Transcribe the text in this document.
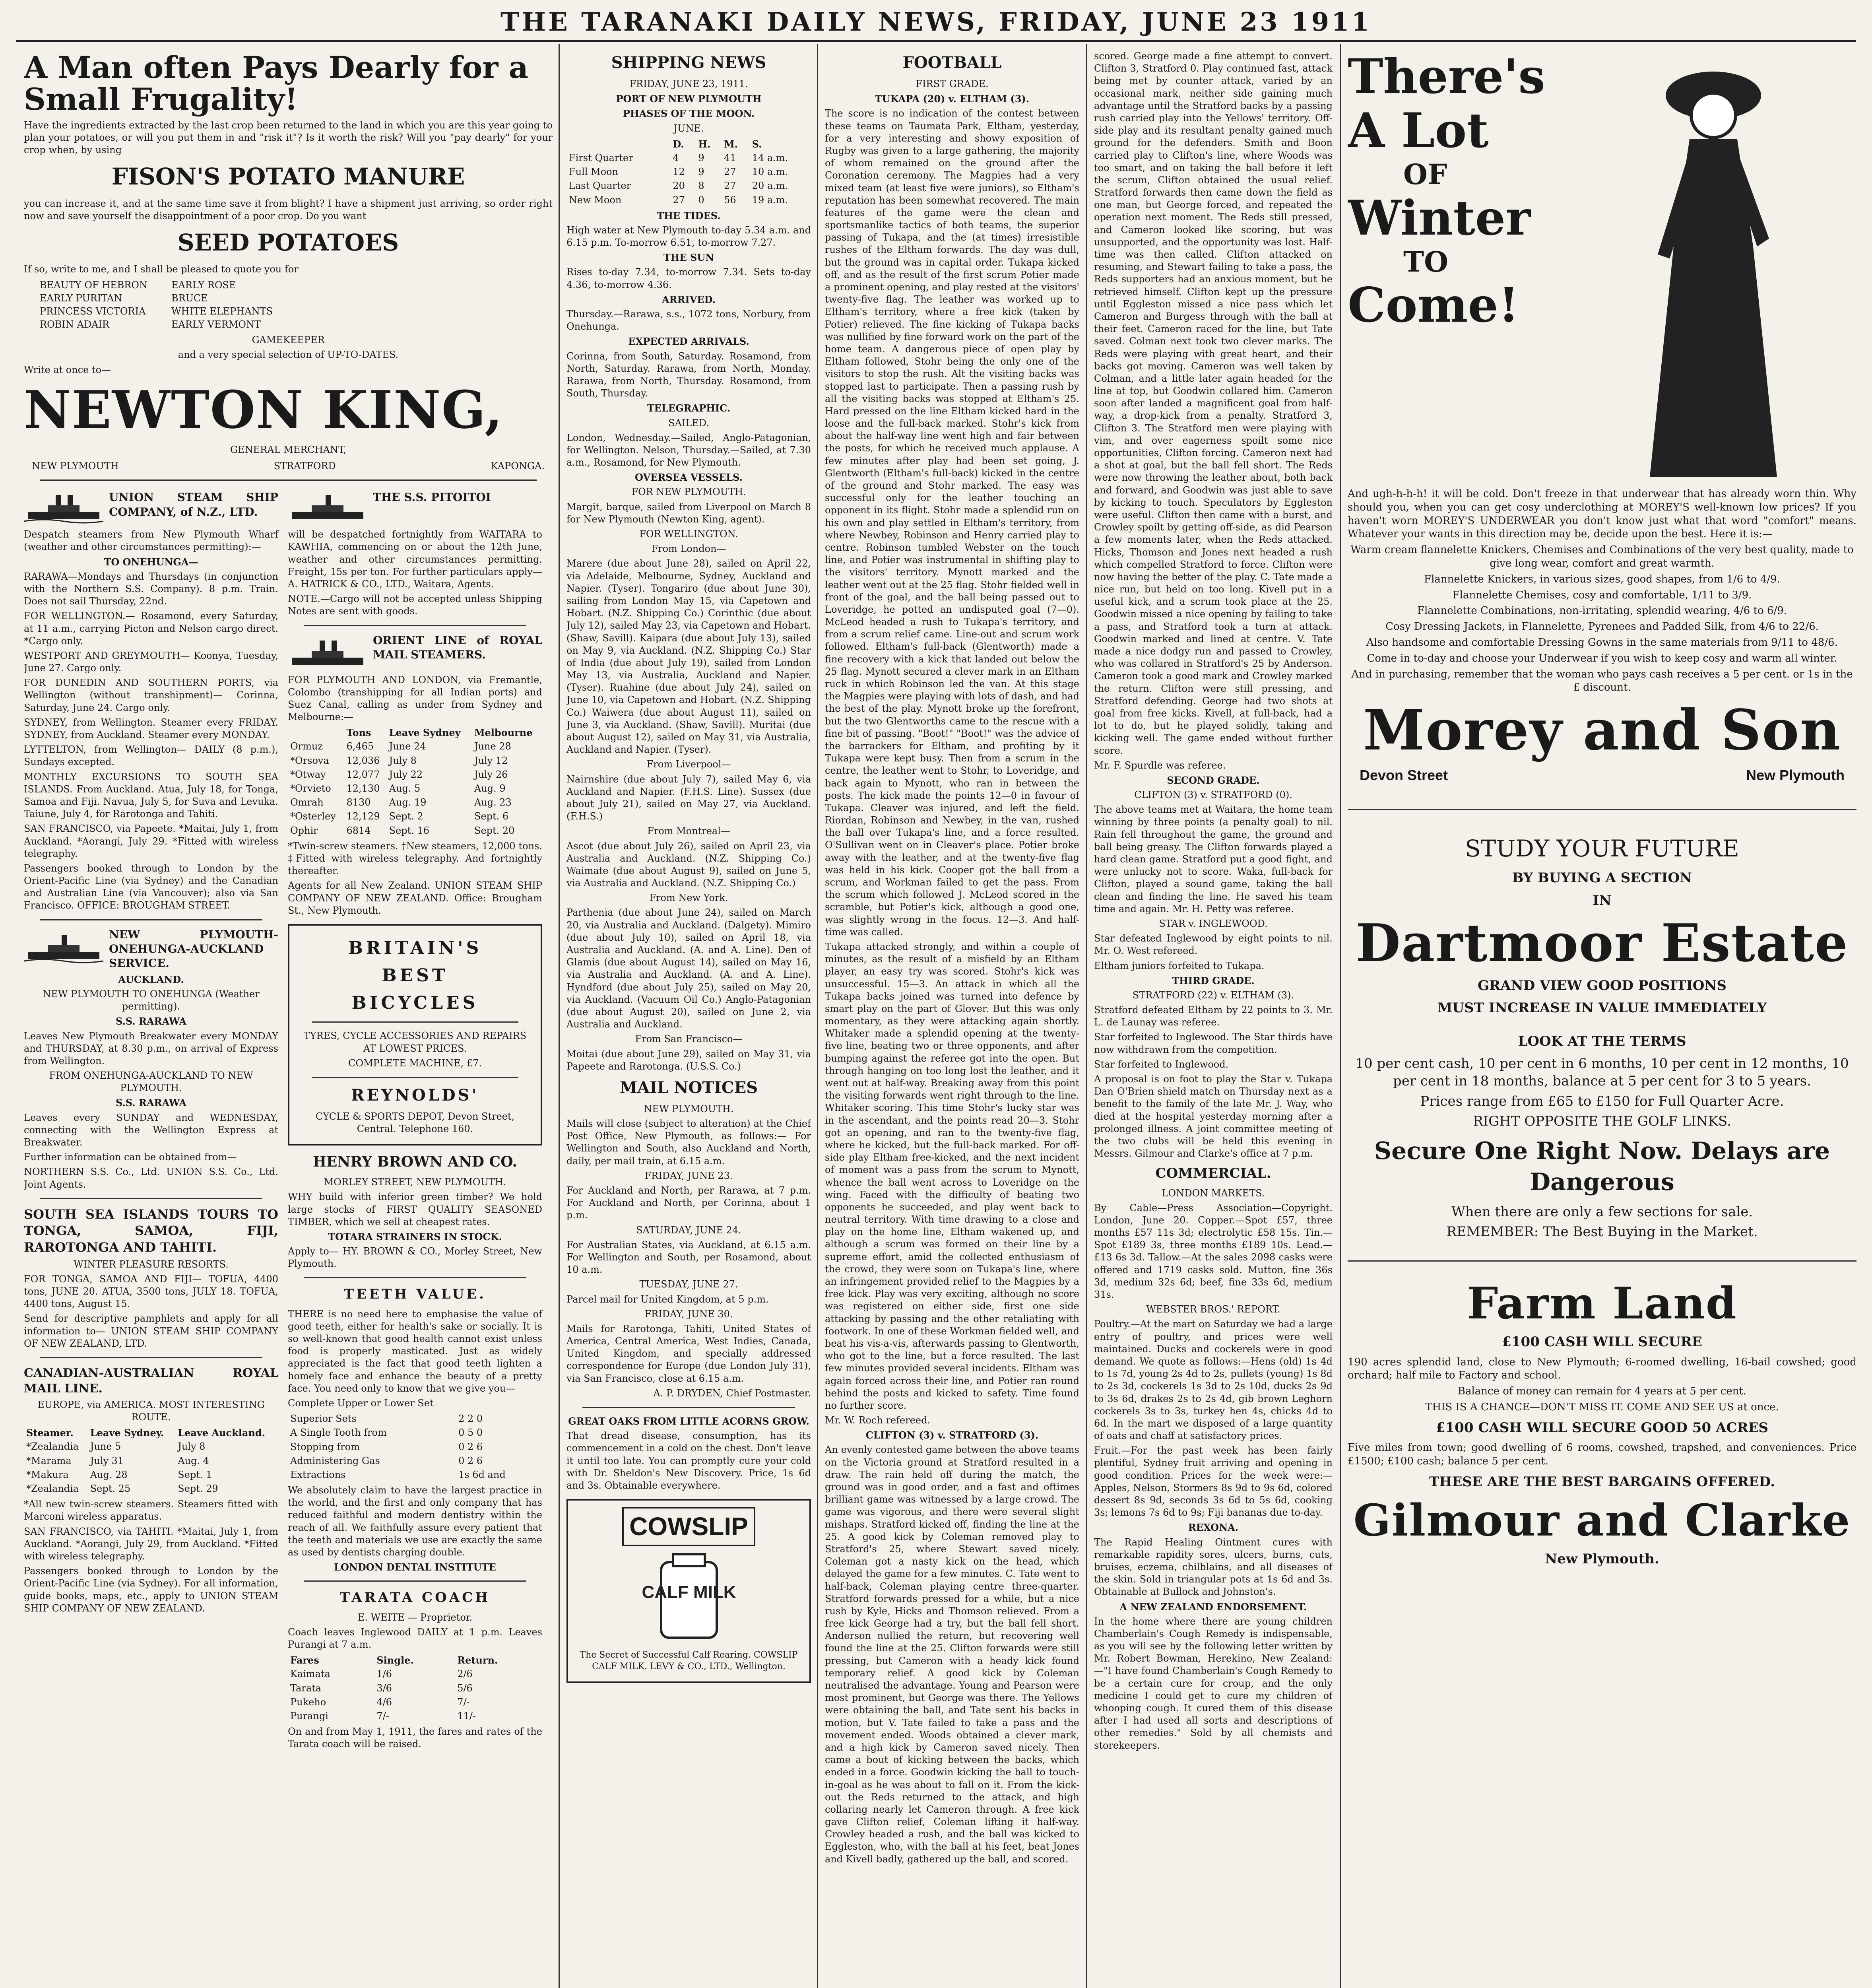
THE TARANAKI DAILY NEWS, FRIDAY, JUNE 23 1911
A Man often Pays Dearly for a Small Frugality!

Have the ingredients extracted by the last crop been returned to the land in which you are this year going to plan your potatoes, or will you put them in and "risk it"? Is it worth the risk? Will you "pay dearly" for your crop when, by using

FISON'S POTATO MANURE

you can increase it, and at the same time save it from blight? I have a shipment just arriving, so order right now and save yourself the disappointment of a poor crop. Do you want

SEED POTATOES

If so, write to me, and I shall be pleased to quote you for

BEAUTY OF HEBRON

EARLY PURITAN

PRINCESS VICTORIA

ROBIN ADAIR

EARLY ROSE

BRUCE

WHITE ELEPHANTS

EARLY VERMONT

GAMEKEEPER

and a very special selection of UP-TO-DATES.

Write at once to—

NEWTON KING,

GENERAL MERCHANT,

NEW PLYMOUTH	STRATFORD	KAPONGA.

UNION STEAM SHIP COMPANY, of N.Z., LTD.

Despatch steamers from New Plymouth Wharf (weather and other circumstances permitting):—

TO ONEHUNGA—

RARAWA—Mondays and Thursdays (in conjunction with the Northern S.S. Company). 8 p.m. Train. Does not sail Thursday, 22nd.

FOR WELLINGTON.— Rosamond, every Saturday, at 11 a.m., carrying Picton and Nelson cargo direct. *Cargo only.

WESTPORT AND GREYMOUTH— Koonya, Tuesday, June 27. Cargo only.

FOR DUNEDIN AND SOUTHERN PORTS, via Wellington (without transhipment)— Corinna, Saturday, June 24. Cargo only.

SYDNEY, from Wellington. Steamer every FRIDAY. SYDNEY, from Auckland. Steamer every MONDAY.

LYTTELTON, from Wellington— DAILY (8 p.m.), Sundays excepted.

MONTHLY EXCURSIONS TO SOUTH SEA ISLANDS. From Auckland. Atua, July 18, for Tonga, Samoa and Fiji. Navua, July 5, for Suva and Levuka. Taiune, July 4, for Rarotonga and Tahiti.

SAN FRANCISCO, via Papeete. *Maitai, July 1, from Auckland. *Aorangi, July 29. *Fitted with wireless telegraphy.

Passengers booked through to London by the Orient-Pacific Line (via Sydney) and the Canadian and Australian Line (via Vancouver); also via San Francisco. OFFICE: BROUGHAM STREET.

NEW PLYMOUTH-ONEHUNGA-AUCKLAND SERVICE.

AUCKLAND.

NEW PLYMOUTH TO ONEHUNGA (Weather permitting).

S.S. RARAWA

Leaves New Plymouth Breakwater every MONDAY and THURSDAY, at 8.30 p.m., on arrival of Express from Wellington.

FROM ONEHUNGA-AUCKLAND TO NEW PLYMOUTH.

S.S. RARAWA

Leaves every SUNDAY and WEDNESDAY, connecting with the Wellington Express at Breakwater.

Further information can be obtained from—

NORTHERN S.S. Co., Ltd. UNION S.S. Co., Ltd. Joint Agents.

SOUTH SEA ISLANDS TOURS TO TONGA, SAMOA, FIJI, RAROTONGA AND TAHITI.

WINTER PLEASURE RESORTS.

FOR TONGA, SAMOA AND FIJI— TOFUA, 4400 tons, JUNE 20. ATUA, 3500 tons, JULY 18. TOFUA, 4400 tons, August 15.

Send for descriptive pamphlets and apply for all information to— UNION STEAM SHIP COMPANY OF NEW ZEALAND, LTD.

CANADIAN-AUSTRALIAN ROYAL MAIL LINE.

EUROPE, via AMERICA. MOST INTERESTING ROUTE.

Steamer.	Leave Sydney.	Leave Auckland.
*Zealandia	June 5	July 8
*Marama	July 31	Aug. 4
*Makura	Aug. 28	Sept. 1
*Zealandia	Sept. 25	Sept. 29

*All new twin-screw steamers. Steamers fitted with Marconi wireless apparatus.

SAN FRANCISCO, via TAHITI. *Maitai, July 1, from Auckland. *Aorangi, July 29, from Auckland. *Fitted with wireless telegraphy.

Passengers booked through to London by the Orient-Pacific Line (via Sydney). For all information, guide books, maps, etc., apply to UNION STEAM SHIP COMPANY OF NEW ZEALAND.

THE S.S. PITOITOI

will be despatched fortnightly from WAITARA to KAWHIA, commencing on or about the 12th June, weather and other circumstances permitting. Freight, 15s per ton. For further particulars apply— A. HATRICK & CO., LTD., Waitara, Agents.

NOTE.—Cargo will not be accepted unless Shipping Notes are sent with goods.

ORIENT LINE of ROYAL MAIL STEAMERS.

FOR PLYMOUTH AND LONDON, via Fremantle, Colombo (transhipping for all Indian ports) and Suez Canal, calling as under from Sydney and Melbourne:—

	Tons	Leave Sydney	Melbourne
Ormuz	6,465	June 24	June 28
*Orsova	12,036	July 8	July 12
*Otway	12,077	July 22	July 26
*Orvieto	12,130	Aug. 5	Aug. 9
Omrah	8130	Aug. 19	Aug. 23
*Osterley	12,129	Sept. 2	Sept. 6
Ophir	6814	Sept. 16	Sept. 20

*Twin-screw steamers. †New steamers, 12,000 tons. ‡Fitted with wireless telegraphy. And fortnightly thereafter.

Agents for all New Zealand. UNION STEAM SHIP COMPANY OF NEW ZEALAND. Office: Brougham St., New Plymouth.

BRITAIN'S
BEST
BICYCLES

TYRES, CYCLE ACCESSORIES AND REPAIRS AT LOWEST PRICES.

COMPLETE MACHINE, £7.

REYNOLDS'

CYCLE & SPORTS DEPOT, Devon Street, Central. Telephone 160.

HENRY BROWN AND CO.

MORLEY STREET, NEW PLYMOUTH.

WHY build with inferior green timber? We hold large stocks of FIRST QUALITY SEASONED TIMBER, which we sell at cheapest rates.

TOTARA STRAINERS IN STOCK.

Apply to— HY. BROWN & CO., Morley Street, New Plymouth.

TEETH VALUE.

THERE is no need here to emphasise the value of good teeth, either for health's sake or socially. It is so well-known that good health cannot exist unless food is properly masticated. Just as widely appreciated is the fact that good teeth lighten a homely face and enhance the beauty of a pretty face. You need only to know that we give you—

Complete Upper or Lower Set

Superior Sets	2 2 0
A Single Tooth from	0 5 0
Stopping from	0 2 6
Administering Gas	0 2 6
Extractions	1s 6d and

We absolutely claim to have the largest practice in the world, and the first and only company that has reduced faithful and modern dentistry within the reach of all. We faithfully assure every patient that the teeth and materials we use are exactly the same as used by dentists charging double.

LONDON DENTAL INSTITUTE

TARATA COACH

E. WEITE — Proprietor.

Coach leaves Inglewood DAILY at 1 p.m. Leaves Purangi at 7 a.m.

Fares	Single.	Return.
Kaimata	1/6	2/6
Tarata	3/6	5/6
Pukeho	4/6	7/-
Purangi	7/-	11/-

On and from May 1, 1911, the fares and rates of the Tarata coach will be raised.

SHIPPING NEWS

FRIDAY, JUNE 23, 1911.

PORT OF NEW PLYMOUTH

PHASES OF THE MOON.

JUNE.

	D.	H.	M.	S.
First Quarter	4	9	41	14 a.m.
Full Moon	12	9	27	10 a.m.
Last Quarter	20	8	27	20 a.m.
New Moon	27	0	56	19 a.m.

THE TIDES.

High water at New Plymouth to-day 5.34 a.m. and 6.15 p.m. To-morrow 6.51, to-morrow 7.27.

THE SUN

Rises to-day 7.34, to-morrow 7.34. Sets to-day 4.36, to-morrow 4.36.

ARRIVED.

Thursday.—Rarawa, s.s., 1072 tons, Norbury, from Onehunga.

EXPECTED ARRIVALS.

Corinna, from South, Saturday. Rosamond, from North, Saturday. Rarawa, from North, Monday. Rarawa, from North, Thursday. Rosamond, from South, Thursday.

TELEGRAPHIC.

SAILED.

London, Wednesday.—Sailed, Anglo-Patagonian, for Wellington. Nelson, Thursday.—Sailed, at 7.30 a.m., Rosamond, for New Plymouth.

OVERSEA VESSELS.

FOR NEW PLYMOUTH.

Margit, barque, sailed from Liverpool on March 8 for New Plymouth (Newton King, agent).

FOR WELLINGTON.

From London—

Marere (due about June 28), sailed on April 22, via Adelaide, Melbourne, Sydney, Auckland and Napier. (Tyser). Tongariro (due about June 30), sailing from London May 15, via Capetown and Hobart. (N.Z. Shipping Co.) Corinthic (due about July 12), sailed May 23, via Capetown and Hobart. (Shaw, Savill). Kaipara (due about July 13), sailed on May 9, via Auckland. (N.Z. Shipping Co.) Star of India (due about July 19), sailed from London May 13, via Australia, Auckland and Napier. (Tyser). Ruahine (due about July 24), sailed on June 10, via Capetown and Hobart. (N.Z. Shipping Co.) Waiwera (due about August 11), sailed on June 3, via Auckland. (Shaw, Savill). Muritai (due about August 12), sailed on May 31, via Australia, Auckland and Napier. (Tyser).

From Liverpool—

Nairnshire (due about July 7), sailed May 6, via Auckland and Napier. (F.H.S. Line). Sussex (due about July 21), sailed on May 27, via Auckland. (F.H.S.)

From Montreal—

Ascot (due about July 26), sailed on April 23, via Australia and Auckland. (N.Z. Shipping Co.) Waimate (due about August 9), sailed on June 5, via Australia and Auckland. (N.Z. Shipping Co.)

From New York.

Parthenia (due about June 24), sailed on March 20, via Australia and Auckland. (Dalgety). Mimiro (due about July 10), sailed on April 18, via Australia and Auckland. (A. and A. Line). Den of Glamis (due about August 14), sailed on May 16, via Australia and Auckland. (A. and A. Line). Hyndford (due about July 25), sailed on May 20, via Auckland. (Vacuum Oil Co.) Anglo-Patagonian (due about August 20), sailed on June 2, via Australia and Auckland.

From San Francisco—

Moitai (due about June 29), sailed on May 31, via Papeete and Rarotonga. (U.S.S. Co.)

MAIL NOTICES

NEW PLYMOUTH.

Mails will close (subject to alteration) at the Chief Post Office, New Plymouth, as follows:— For Wellington and South, also Auckland and North, daily, per mail train, at 6.15 a.m.

FRIDAY, JUNE 23.

For Auckland and North, per Rarawa, at 7 p.m. For Auckland and North, per Corinna, about 1 p.m.

SATURDAY, JUNE 24.

For Australian States, via Auckland, at 6.15 a.m. For Wellington and South, per Rosamond, about 10 a.m.

TUESDAY, JUNE 27.

Parcel mail for United Kingdom, at 5 p.m.

FRIDAY, JUNE 30.

Mails for Rarotonga, Tahiti, United States of America, Central America, West Indies, Canada, United Kingdom, and specially addressed correspondence for Europe (due London July 31), via San Francisco, close at 6.15 a.m.

A. P. DRYDEN, Chief Postmaster.

GREAT OAKS FROM LITTLE ACORNS GROW.

That dread disease, consumption, has its commencement in a cold on the chest. Don't leave it until too late. You can promptly cure your cold with Dr. Sheldon's New Discovery. Price, 1s 6d and 3s. Obtainable everywhere.

COWSLIP
CALF MILK

The Secret of Successful Calf Rearing. COWSLIP CALF MILK. LEVY & CO., LTD., Wellington.

FOOTBALL

FIRST GRADE.

TUKAPA (20) v. ELTHAM (3).

The score is no indication of the contest between these teams on Taumata Park, Eltham, yesterday, for a very interesting and showy exposition of Rugby was given to a large gathering, the majority of whom remained on the ground after the Coronation ceremony. The Magpies had a very mixed team (at least five were juniors), so Eltham's reputation has been somewhat recovered. The main features of the game were the clean and sportsmanlike tactics of both teams, the superior passing of Tukapa, and the (at times) irresistible rushes of the Eltham forwards. The day was dull, but the ground was in capital order. Tukapa kicked off, and as the result of the first scrum Potier made a prominent opening, and play rested at the visitors' twenty-five flag. The leather was worked up to Eltham's territory, where a free kick (taken by Potier) relieved. The fine kicking of Tukapa backs was nullified by fine forward work on the part of the home team. A dangerous piece of open play by Eltham followed, Stohr being the only one of the visitors to stop the rush. Alt the visiting backs was stopped last to participate. Then a passing rush by all the visiting backs was stopped at Eltham's 25. Hard pressed on the line Eltham kicked hard in the loose and the full-back marked. Stohr's kick from about the half-way line went high and fair between the posts, for which he received much applause. A few minutes after play had been set going, J. Glentworth (Eltham's full-back) kicked in the centre of the ground and Stohr marked. The easy was successful only for the leather touching an opponent in its flight. Stohr made a splendid run on his own and play settled in Eltham's territory, from where Newbey, Robinson and Henry carried play to centre. Robinson tumbled Webster on the touch line, and Potier was instrumental in shifting play to the visitors' territory. Mynott marked and the leather went out at the 25 flag. Stohr fielded well in front of the goal, and the ball being passed out to Loveridge, he potted an undisputed goal (7—0). McLeod headed a rush to Tukapa's territory, and from a scrum relief came. Line-out and scrum work followed. Eltham's full-back (Glentworth) made a fine recovery with a kick that landed out below the 25 flag. Mynott secured a clever mark in an Eltham ruck in which Robinson led the van. At this stage the Magpies were playing with lots of dash, and had the best of the play. Mynott broke up the forefront, but the two Glentworths came to the rescue with a fine bit of passing. "Boot!" "Boot!" was the advice of the barrackers for Eltham, and profiting by it Tukapa were kept busy. Then from a scrum in the centre, the leather went to Stohr, to Loveridge, and back again to Mynott, who ran in between the posts. The kick made the points 12—0 in favour of Tukapa. Cleaver was injured, and left the field. Riordan, Robinson and Newbey, in the van, rushed the ball over Tukapa's line, and a force resulted. O'Sullivan went on in Cleaver's place. Potier broke away with the leather, and at the twenty-five flag was held in his kick. Cooper got the ball from a scrum, and Workman failed to get the pass. From the scrum which followed J. McLeod scored in the scramble, but Potier's kick, although a good one, was slightly wrong in the focus. 12—3. And half-time was called.

Tukapa attacked strongly, and within a couple of minutes, as the result of a misfield by an Eltham player, an easy try was scored. Stohr's kick was unsuccessful. 15—3. An attack in which all the Tukapa backs joined was turned into defence by smart play on the part of Glover. But this was only momentary, as they were attacking again shortly. Whitaker made a splendid opening at the twenty-five line, beating two or three opponents, and after bumping against the referee got into the open. But through hanging on too long lost the leather, and it went out at half-way. Breaking away from this point the visiting forwards went right through to the line. Whitaker scoring. This time Stohr's lucky star was in the ascendant, and the points read 20—3. Stohr got an opening, and ran to the twenty-five flag, where he kicked, but the full-back marked. For off-side play Eltham free-kicked, and the next incident of moment was a pass from the scrum to Mynott, whence the ball went across to Loveridge on the wing. Faced with the difficulty of beating two opponents he succeeded, and play went back to neutral territory. With time drawing to a close and play on the home line, Eltham wakened up, and although a scrum was formed on their line by a supreme effort, amid the collected enthusiasm of the crowd, they were soon on Tukapa's line, where an infringement provided relief to the Magpies by a free kick. Play was very exciting, although no score was registered on either side, first one side attacking by passing and the other retaliating with footwork. In one of these Workman fielded well, and beat his vis-a-vis, afterwards passing to Glentworth, who got to the line, but a force resulted. The last few minutes provided several incidents. Eltham was again forced across their line, and Potier ran round behind the posts and kicked to safety. Time found no further score.

Mr. W. Roch refereed.

CLIFTON (3) v. STRATFORD (3).

An evenly contested game between the above teams on the Victoria ground at Stratford resulted in a draw. The rain held off during the match, the ground was in good order, and a fast and oftimes brilliant game was witnessed by a large crowd. The game was vigorous, and there were several slight mishaps. Stratford kicked off, finding the line at the 25. A good kick by Coleman removed play to Stratford's 25, where Stewart saved nicely. Coleman got a nasty kick on the head, which delayed the game for a few minutes. C. Tate went to half-back, Coleman playing centre three-quarter. Stratford forwards pressed for a while, but a nice rush by Kyle, Hicks and Thomson relieved. From a free kick George had a try, but the ball fell short. Anderson nullied the return, but recovering well found the line at the 25. Clifton forwards were still pressing, but Cameron with a heady kick found temporary relief. A good kick by Coleman neutralised the advantage. Young and Pearson were most prominent, but George was there. The Yellows were obtaining the ball, and Tate sent his backs in motion, but V. Tate failed to take a pass and the movement ended. Woods obtained a clever mark, and a high kick by Cameron saved nicely. Then came a bout of kicking between the backs, which ended in a force. Goodwin kicking the ball to touch-in-goal as he was about to fall on it. From the kick-out the Reds returned to the attack, and high collaring nearly let Cameron through. A free kick gave Clifton relief, Coleman lifting it half-way. Crowley headed a rush, and the ball was kicked to Eggleston, who, with the ball at his feet, beat Jones and Kivell badly, gathered up the ball, and scored.

scored. George made a fine attempt to convert. Clifton 3, Stratford 0. Play continued fast, attack being met by counter attack, varied by an occasional mark, neither side gaining much advantage until the Stratford backs by a passing rush carried play into the Yellows' territory. Off-side play and its resultant penalty gained much ground for the defenders. Smith and Boon carried play to Clifton's line, where Woods was too smart, and on taking the ball before it left the scrum, Clifton obtained the usual relief. Stratford forwards then came down the field as one man, but George forced, and repeated the operation next moment. The Reds still pressed, and Cameron looked like scoring, but was unsupported, and the opportunity was lost. Half-time was then called. Clifton attacked on resuming, and Stewart failing to take a pass, the Reds supporters had an anxious moment, but he retrieved himself. Clifton kept up the pressure until Eggleston missed a nice pass which let Cameron and Burgess through with the ball at their feet. Cameron raced for the line, but Tate saved. Colman next took two clever marks. The Reds were playing with great heart, and their backs got moving. Cameron was well taken by Colman, and a little later again headed for the line at top, but Goodwin collared him. Cameron soon after landed a magnificent goal from half-way, a drop-kick from a penalty. Stratford 3, Clifton 3. The Stratford men were playing with vim, and over eagerness spoilt some nice opportunities, Clifton forcing. Cameron next had a shot at goal, but the ball fell short. The Reds were now throwing the leather about, both back and forward, and Goodwin was just able to save by kicking to touch. Speculators by Eggleston were useful. Clifton then came with a burst, and Crowley spoilt by getting off-side, as did Pearson a few moments later, when the Reds attacked. Hicks, Thomson and Jones next headed a rush which compelled Stratford to force. Clifton were now having the better of the play. C. Tate made a nice run, but held on too long. Kivell put in a useful kick, and a scrum took place at the 25. Goodwin missed a nice opening by failing to take a pass, and Stratford took a turn at attack. Goodwin marked and lined at centre. V. Tate made a nice dodgy run and passed to Crowley, who was collared in Stratford's 25 by Anderson. Cameron took a good mark and Crowley marked the return. Clifton were still pressing, and Stratford defending. George had two shots at goal from free kicks. Kivell, at full-back, had a lot to do, but he played solidly, taking and kicking well. The game ended without further score.

Mr. F. Spurdle was referee.

SECOND GRADE.

CLIFTON (3) v. STRATFORD (0).

The above teams met at Waitara, the home team winning by three points (a penalty goal) to nil. Rain fell throughout the game, the ground and ball being greasy. The Clifton forwards played a hard clean game. Stratford put a good fight, and were unlucky not to score. Waka, full-back for Clifton, played a sound game, taking the ball clean and finding the line. He saved his team time and again. Mr. H. Petty was referee.

STAR v. INGLEWOOD.

Star defeated Inglewood by eight points to nil. Mr. O. West refereed.

Eltham juniors forfeited to Tukapa.

THIRD GRADE.

STRATFORD (22) v. ELTHAM (3).

Stratford defeated Eltham by 22 points to 3. Mr. L. de Launay was referee.

Star forfeited to Inglewood. The Star thirds have now withdrawn from the competition.

Star forfeited to Inglewood.

A proposal is on foot to play the Star v. Tukapa Dan O'Brien shield match on Thursday next as a benefit to the family of the late Mr. J. Way, who died at the hospital yesterday morning after a prolonged illness. A joint committee meeting of the two clubs will be held this evening in Messrs. Gilmour and Clarke's office at 7 p.m.

COMMERCIAL.

LONDON MARKETS.

By Cable—Press Association—Copyright. London, June 20. Copper.—Spot £57, three months £57 11s 3d; electrolytic £58 15s. Tin.—Spot £189 3s, three months £189 10s. Lead.—£13 6s 3d. Tallow.—At the sales 2098 casks were offered and 1719 casks sold. Mutton, fine 36s 3d, medium 32s 6d; beef, fine 33s 6d, medium 31s.

WEBSTER BROS.' REPORT.

Poultry.—At the mart on Saturday we had a large entry of poultry, and prices were well maintained. Ducks and cockerels were in good demand. We quote as follows:—Hens (old) 1s 4d to 1s 7d, young 2s 4d to 2s, pullets (young) 1s 8d to 2s 3d, cockerels 1s 3d to 2s 10d, ducks 2s 9d to 3s 6d, drakes 2s to 2s 4d, gib brown Leghorn cockerels 3s to 3s, turkey hen 4s, chicks 4d to 6d. In the mart we disposed of a large quantity of oats and chaff at satisfactory prices.

Fruit.—For the past week has been fairly plentiful, Sydney fruit arriving and opening in good condition. Prices for the week were:— Apples, Nelson, Stormers 8s 9d to 9s 6d, colored dessert 8s 9d, seconds 3s 6d to 5s 6d, cooking 3s; lemons 7s 6d to 9s; Fiji bananas due to-day.

REXONA.

The Rapid Healing Ointment cures with remarkable rapidity sores, ulcers, burns, cuts, bruises, eczema, chilblains, and all diseases of the skin. Sold in triangular pots at 1s 6d and 3s. Obtainable at Bullock and Johnston's.

A NEW ZEALAND ENDORSEMENT.

In the home where there are young children Chamberlain's Cough Remedy is indispensable, as you will see by the following letter written by Mr. Robert Bowman, Herekino, New Zealand:—"I have found Chamberlain's Cough Remedy to be a certain cure for croup, and the only medicine I could get to cure my children of whooping cough. It cured them of this disease after I had used all sorts and descriptions of other remedies." Sold by all chemists and storekeepers.

There's
A Lot
OF
Winter
TO
Come!

And ugh-h-h-h! it will be cold. Don't freeze in that underwear that has already worn thin. Why should you, when you can get cosy underclothing at MOREY'S well-known low prices? If you haven't worn MOREY'S UNDERWEAR you don't know just what that word "comfort" means. Whatever your wants in this direction may be, decide upon the best. Here it is:—

Warm cream flannelette Knickers, Chemises and Combinations of the very best quality, made to give long wear, comfort and great warmth.

Flannelette Knickers, in various sizes, good shapes, from 1/6 to 4/9.

Flannelette Chemises, cosy and comfortable, 1/11 to 3/9.

Flannelette Combinations, non-irritating, splendid wearing, 4/6 to 6/9.

Cosy Dressing Jackets, in Flannelette, Pyrenees and Padded Silk, from 4/6 to 22/6.

Also handsome and comfortable Dressing Gowns in the same materials from 9/11 to 48/6.

Come in to-day and choose your Underwear if you wish to keep cosy and warm all winter.

And in purchasing, remember that the woman who pays cash receives a 5 per cent. or 1s in the £ discount.

Morey and Son
Devon Street	New Plymouth
STUDY YOUR FUTURE
BY BUYING A SECTION
IN
Dartmoor Estate
GRAND VIEW GOOD POSITIONS
MUST INCREASE IN VALUE IMMEDIATELY
LOOK AT THE TERMS

10 per cent cash, 10 per cent in 6 months, 10 per cent in 12 months, 10 per cent in 18 months, balance at 5 per cent for 3 to 5 years.

Prices range from £65 to £150 for Full Quarter Acre.

RIGHT OPPOSITE THE GOLF LINKS.

Secure One Right Now. Delays are Dangerous

When there are only a few sections for sale.

REMEMBER: The Best Buying in the Market.

Farm Land
£100 CASH WILL SECURE

190 acres splendid land, close to New Plymouth; 6-roomed dwelling, 16-bail cowshed; good orchard; half mile to Factory and school.

Balance of money can remain for 4 years at 5 per cent.

THIS IS A CHANCE—DON'T MISS IT. COME AND SEE US at once.

£100 CASH WILL SECURE GOOD 50 ACRES

Five miles from town; good dwelling of 6 rooms, cowshed, trapshed, and conveniences. Price £1500; £100 cash; balance 5 per cent.

THESE ARE THE BEST BARGAINS OFFERED.
Gilmour and Clarke

New Plymouth.
